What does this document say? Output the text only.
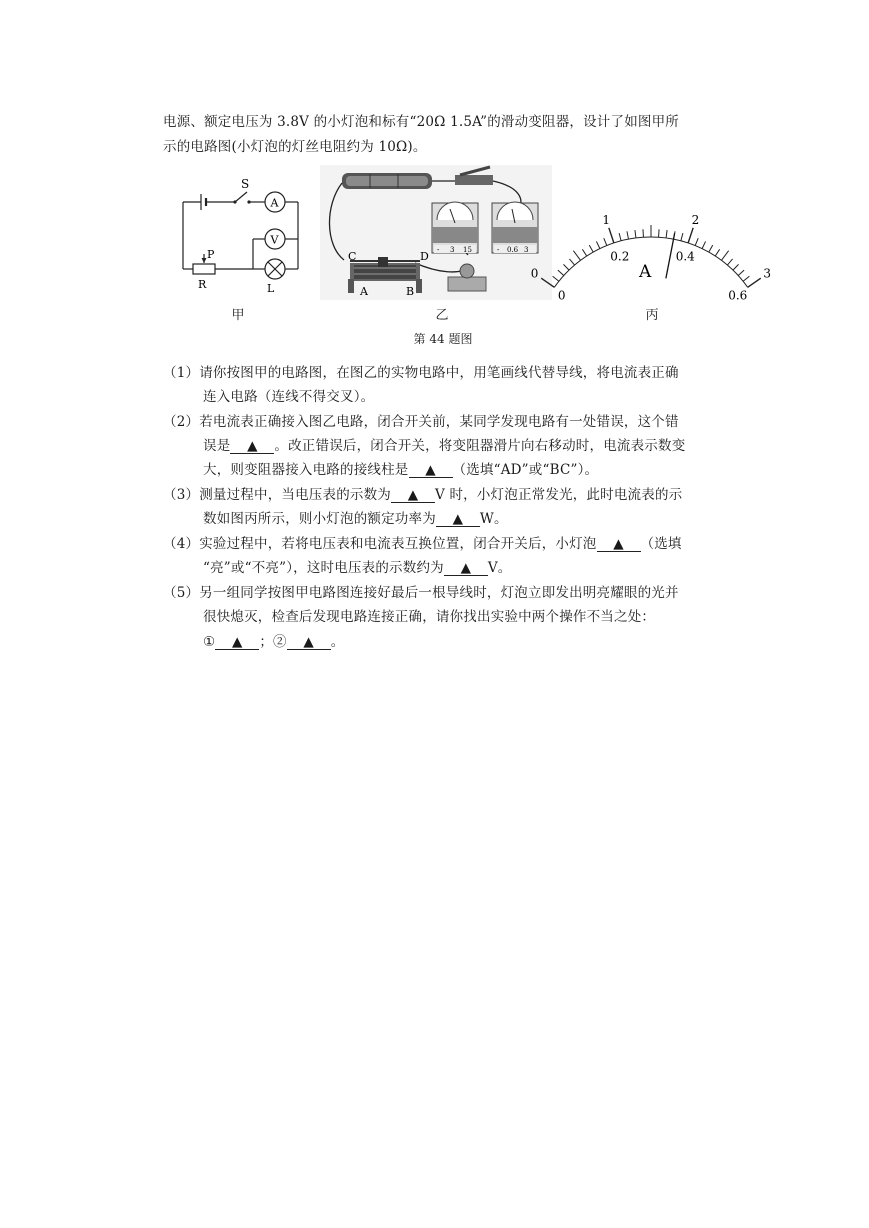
电源、额定电压为 3.8V 的小灯泡和标有“20Ω 1.5A”的滑动变阻器，设计了如图甲所
示的电路图(小灯泡的灯丝电阻约为 10Ω)。
S
A
V
P
R	L
甲
- 3 15	- 0.6 3
C	D
A	B
乙
0
1	2
3
0
0.2	0.4
0.6
A
丙
第 44 题图
（1）请你按图甲的电路图，在图乙的实物电路中，用笔画线代替导线，将电流表正确
连入电路（连线不得交叉）。
（2）若电流表正确接入图乙电路，闭合开关前，某同学发现电路有一处错误，这个错
误是 ▲ 。改正错误后，闭合开关，将变阻器滑片向右移动时，电流表示数变
大，则变阻器接入电路的接线柱是 ▲ （选填“AD”或“BC”）。
（3）测量过程中，当电压表的示数为 ▲ V 时，小灯泡正常发光，此时电流表的示
数如图丙所示，则小灯泡的额定功率为 ▲ W。
（4）实验过程中，若将电压表和电流表互换位置，闭合开关后，小灯泡 ▲ （选填
“亮”或“不亮”），这时电压表的示数约为 ▲ V。
（5）另一组同学按图甲电路图连接好最后一根导线时，灯泡立即发出明亮耀眼的光并
很快熄灭，检查后发现电路连接正确，请你找出实验中两个操作不当之处：
① ▲ ；② ▲ 。
